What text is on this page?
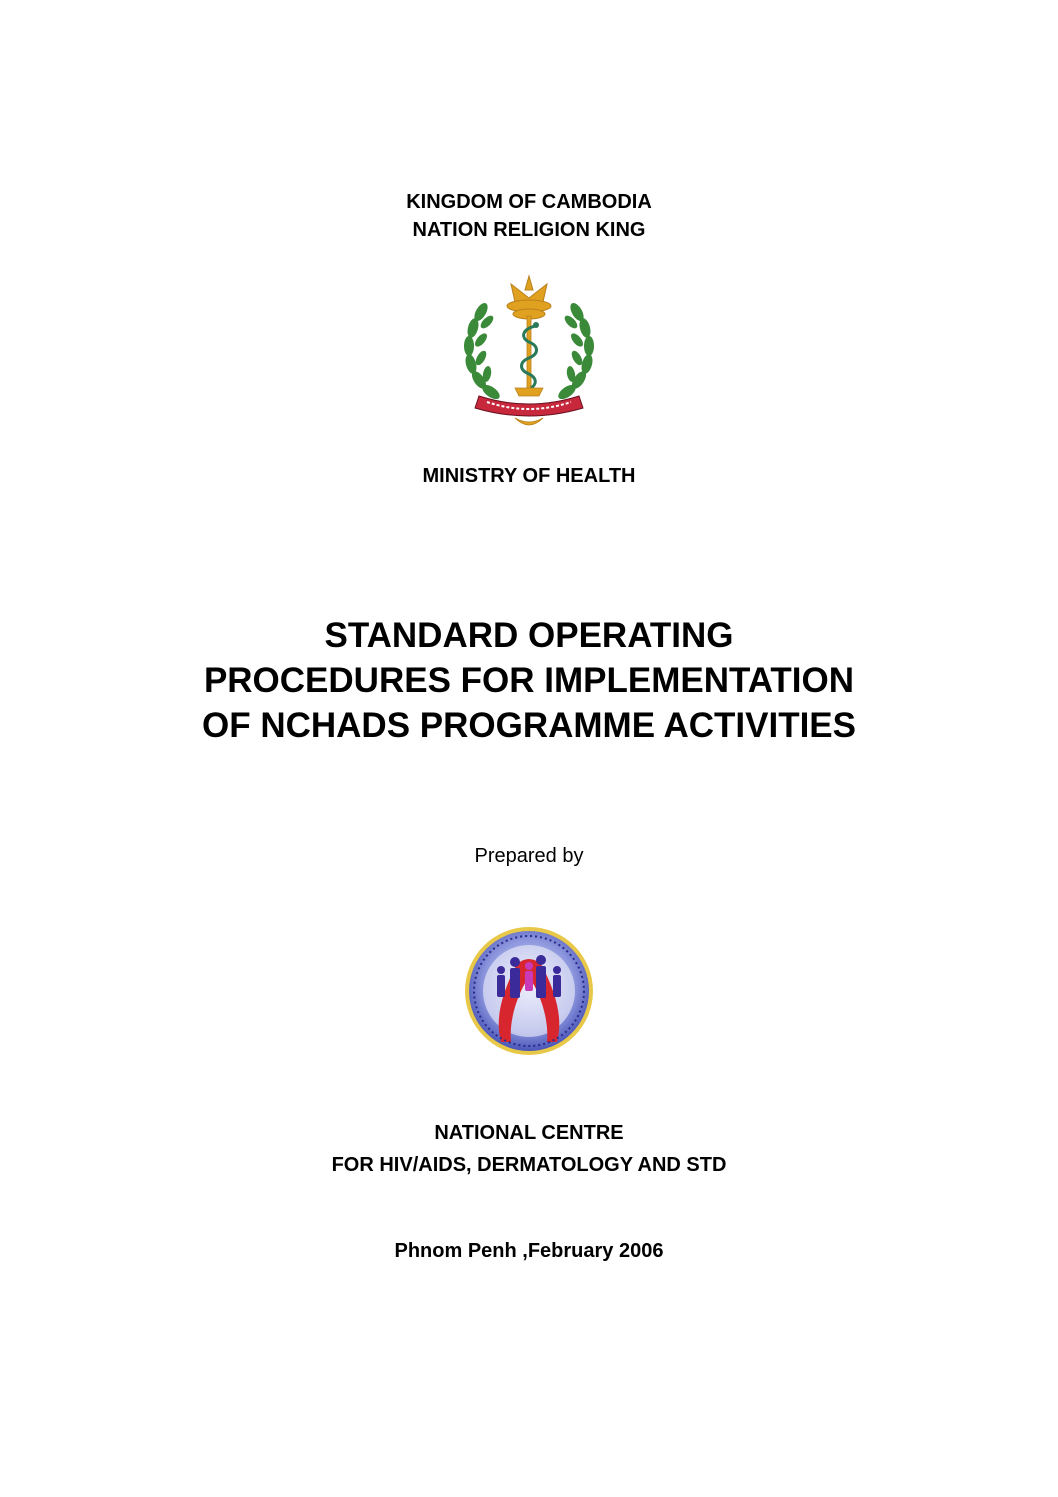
KINGDOM OF CAMBODIA
NATION RELIGION KING
MINISTRY OF HEALTH
STANDARD OPERATING
PROCEDURES FOR IMPLEMENTATION
OF NCHADS PROGRAMME ACTIVITIES
Prepared by
NATIONAL CENTRE
FOR HIV/AIDS, DERMATOLOGY AND STD
Phnom Penh ,February 2006
